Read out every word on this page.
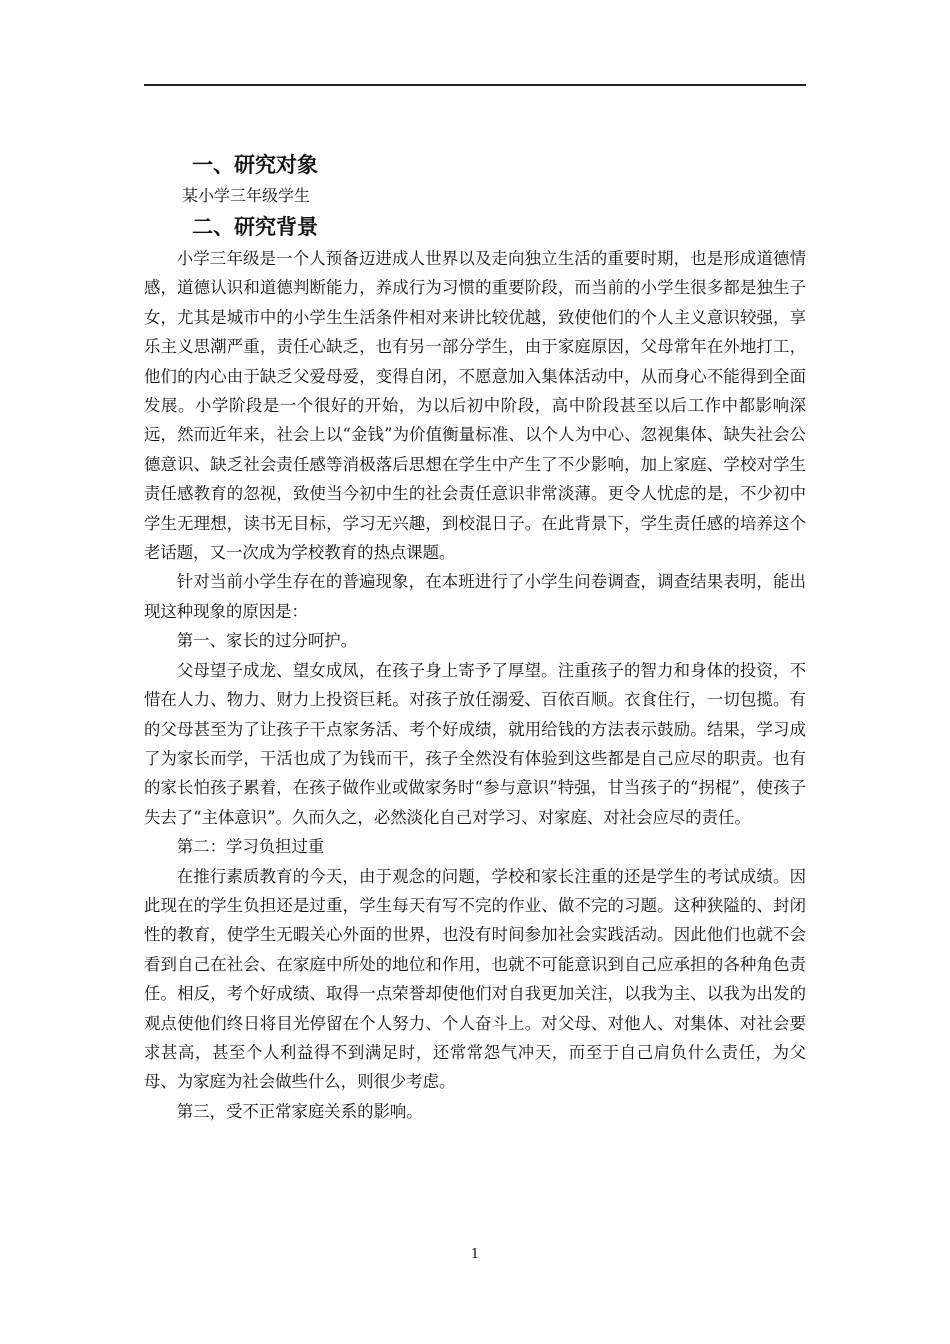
一、研究对象

某小学三年级学生

二、研究背景

小学三年级是一个人预备迈进成人世界以及走向独立生活的重要时期，也是形成道德情感，道德认识和道德判断能力，养成行为习惯的重要阶段，而当前的小学生很多都是独生子女，尤其是城市中的小学生生活条件相对来讲比较优越，致使他们的个人主义意识较强，享乐主义思潮严重，责任心缺乏，也有另一部分学生，由于家庭原因，父母常年在外地打工，他们的内心由于缺乏父爱母爱，变得自闭，不愿意加入集体活动中，从而身心不能得到全面发展。小学阶段是一个很好的开始，为以后初中阶段，高中阶段甚至以后工作中都影响深远，然而近年来，社会上以“金钱”为价值衡量标准、以个人为中心、忽视集体、缺失社会公德意识、缺乏社会责任感等消极落后思想在学生中产生了不少影响，加上家庭、学校对学生责任感教育的忽视，致使当今初中生的社会责任意识非常淡薄。更令人忧虑的是，不少初中学生无理想，读书无目标，学习无兴趣，到校混日子。在此背景下，学生责任感的培养这个老话题，又一次成为学校教育的热点课题。

针对当前小学生存在的普遍现象，在本班进行了小学生问卷调查，调查结果表明，能出现这种现象的原因是：

第一、家长的过分呵护。

父母望子成龙、望女成凤，在孩子身上寄予了厚望。注重孩子的智力和身体的投资，不惜在人力、物力、财力上投资巨耗。对孩子放任溺爱、百依百顺。衣食住行，一切包揽。有的父母甚至为了让孩子干点家务活、考个好成绩，就用给钱的方法表示鼓励。结果，学习成了为家长而学，干活也成了为钱而干，孩子全然没有体验到这些都是自己应尽的职责。也有的家长怕孩子累着，在孩子做作业或做家务时“参与意识”特强，甘当孩子的“拐棍”，使孩子失去了“主体意识”。久而久之，必然淡化自己对学习、对家庭、对社会应尽的责任。

第二：学习负担过重

在推行素质教育的今天，由于观念的问题，学校和家长注重的还是学生的考试成绩。因此现在的学生负担还是过重，学生每天有写不完的作业、做不完的习题。这种狭隘的、封闭性的教育，使学生无暇关心外面的世界，也没有时间参加社会实践活动。因此他们也就不会看到自己在社会、在家庭中所处的地位和作用，也就不可能意识到自己应承担的各种角色责任。相反，考个好成绩、取得一点荣誉却使他们对自我更加关注，以我为主、以我为出发的观点使他们终日将目光停留在个人努力、个人奋斗上。对父母、对他人、对集体、对社会要求甚高，甚至个人利益得不到满足时，还常常怨气冲天，而至于自己肩负什么责任，为父母、为家庭为社会做些什么，则很少考虑。

第三，受不正常家庭关系的影响。

1
